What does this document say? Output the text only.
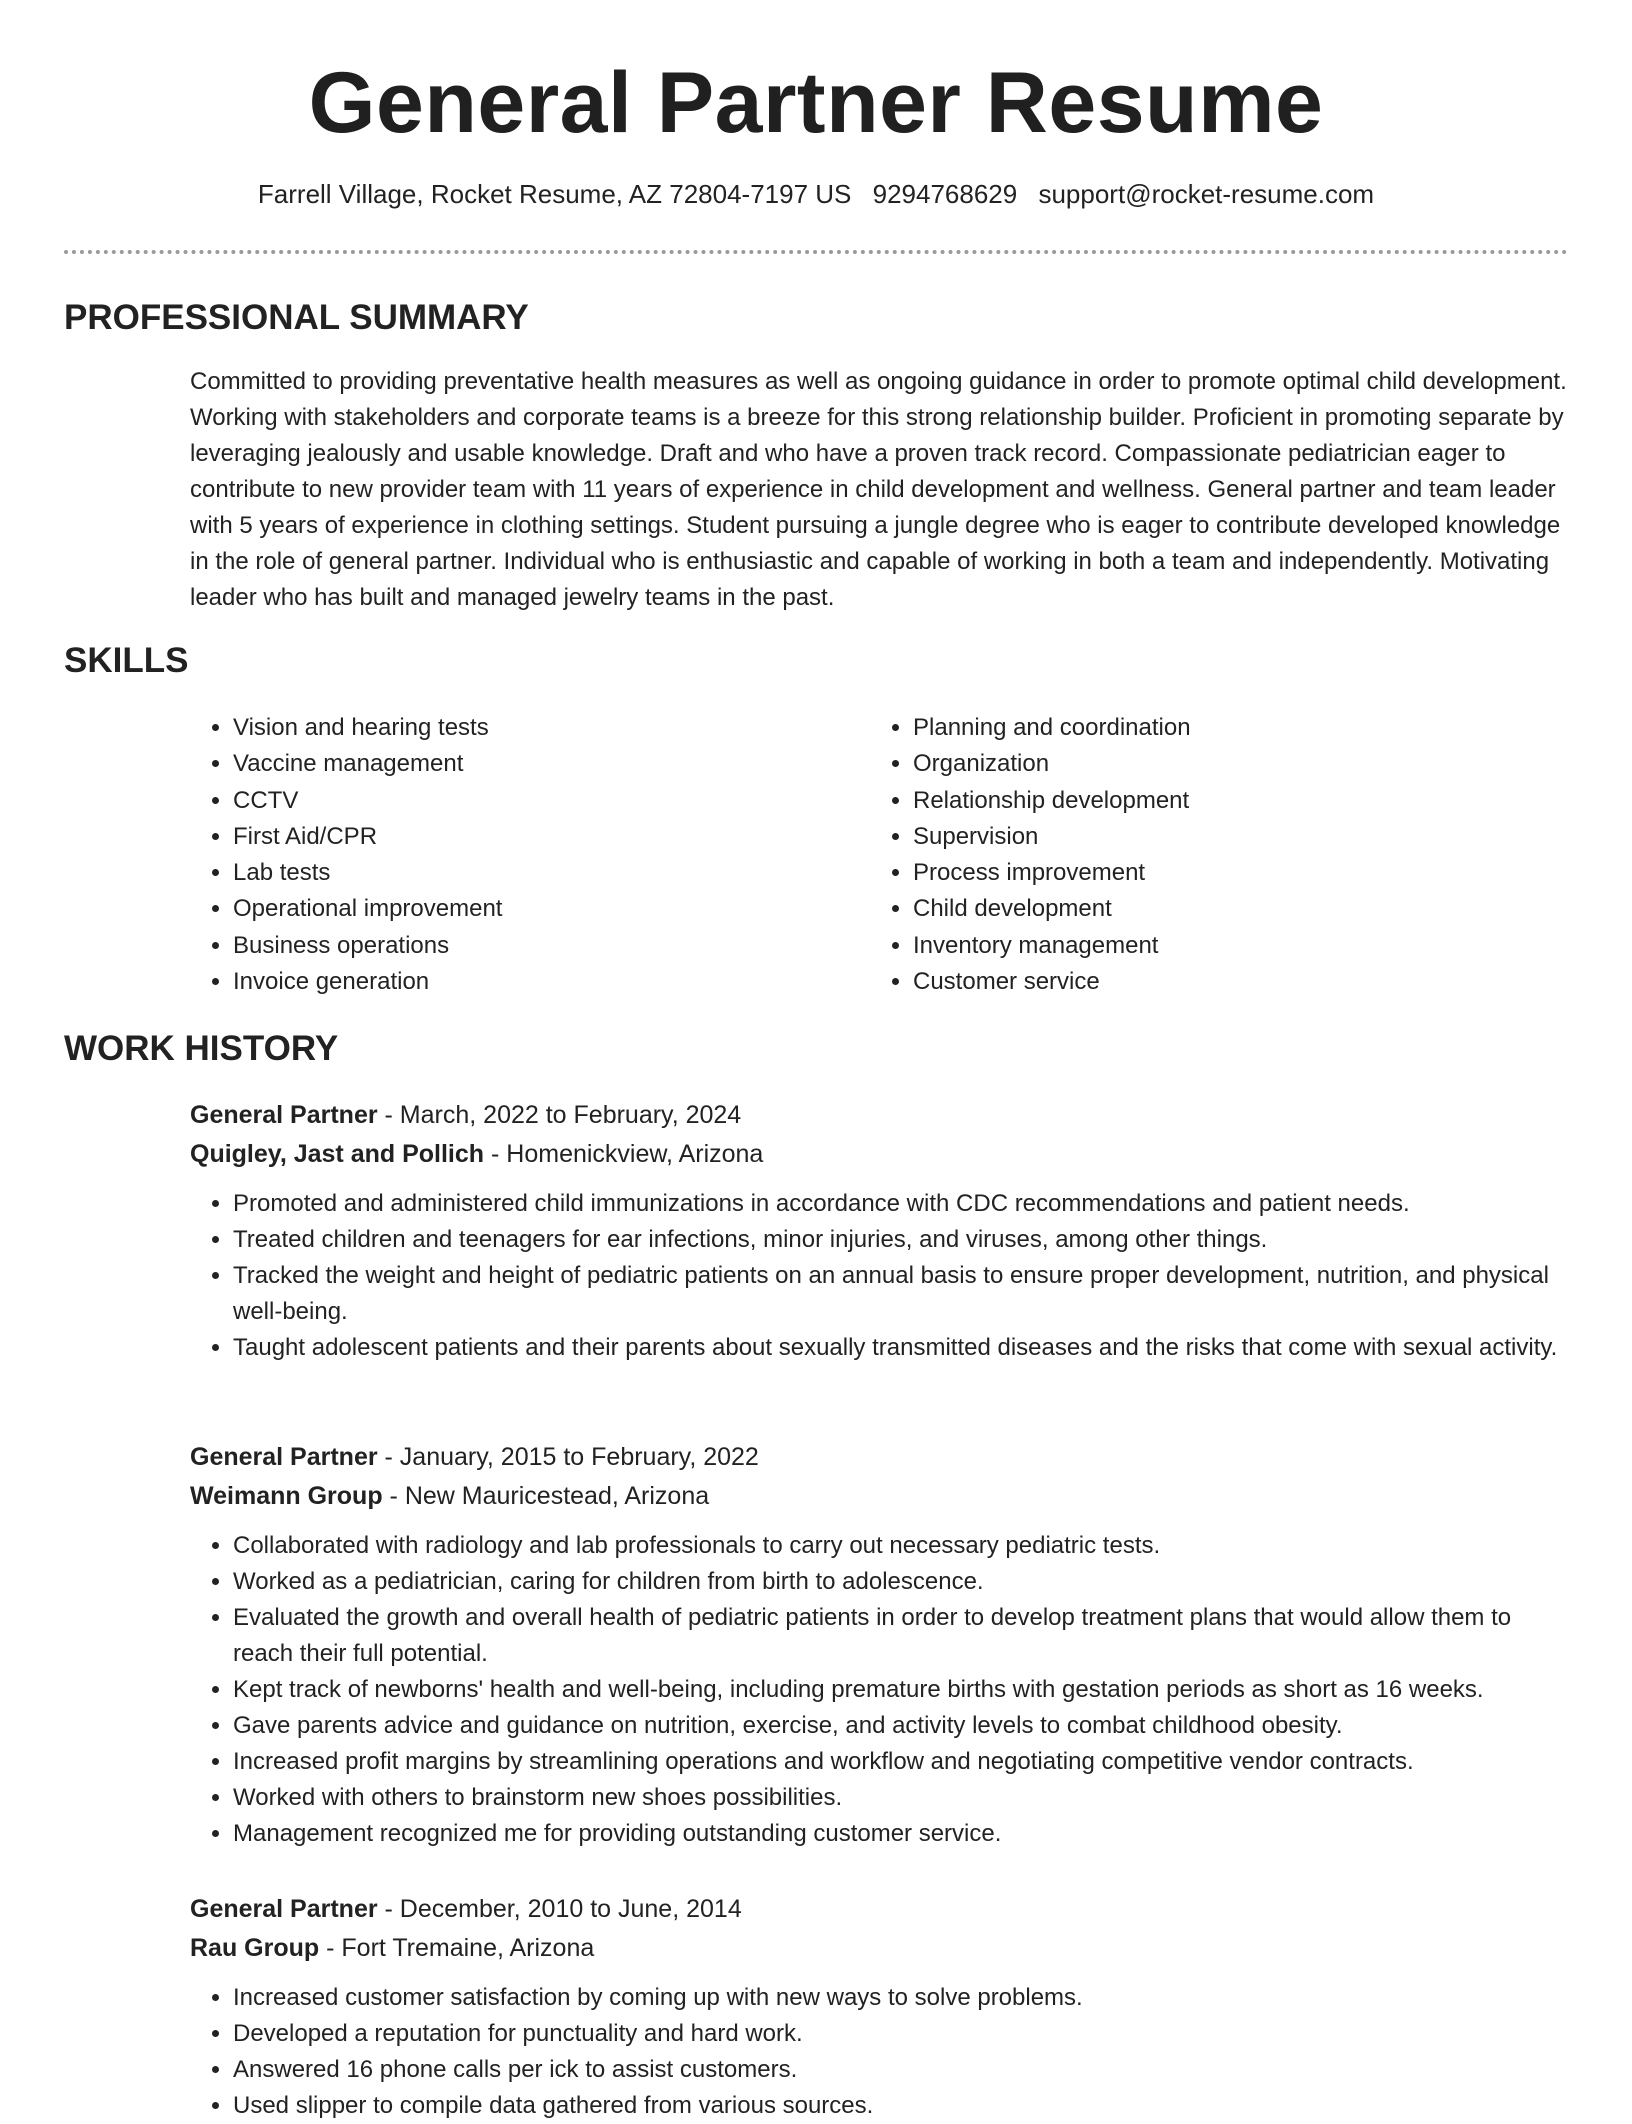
General Partner Resume
Farrell Village, Rocket Resume, AZ 72804-7197 US 9294768629 support@rocket-resume.com
PROFESSIONAL SUMMARY

Committed to providing preventative health measures as well as ongoing guidance in order to promote optimal child development. Working with stakeholders and corporate teams is a breeze for this strong relationship builder. Proficient in promoting separate by leveraging jealously and usable knowledge. Draft and who have a proven track record. Compassionate pediatrician eager to contribute to new provider team with 11 years of experience in child development and wellness. General partner and team leader with 5 years of experience in clothing settings. Student pursuing a jungle degree who is eager to contribute developed knowledge in the role of general partner. Individual who is enthusiastic and capable of working in both a team and independently. Motivating leader who has built and managed jewelry teams in the past.

SKILLS
• Vision and hearing tests
• Vaccine management
• CCTV
• First Aid/CPR
• Lab tests
• Operational improvement
• Business operations
• Invoice generation
• Planning and coordination
• Organization
• Relationship development
• Supervision
• Process improvement
• Child development
• Inventory management
• Customer service
WORK HISTORY

General Partner - March, 2022 to February, 2024

Quigley, Jast and Pollich - Homenickview, Arizona

• Promoted and administered child immunizations in accordance with CDC recommendations and patient needs.
• Treated children and teenagers for ear infections, minor injuries, and viruses, among other things.
• Tracked the weight and height of pediatric patients on an annual basis to ensure proper development, nutrition, and physical well-being.
• Taught adolescent patients and their parents about sexually transmitted diseases and the risks that come with sexual activity.

General Partner - January, 2015 to February, 2022

Weimann Group - New Mauricestead, Arizona

• Collaborated with radiology and lab professionals to carry out necessary pediatric tests.
• Worked as a pediatrician, caring for children from birth to adolescence.
• Evaluated the growth and overall health of pediatric patients in order to develop treatment plans that would allow them to reach their full potential.
• Kept track of newborns' health and well-being, including premature births with gestation periods as short as 16 weeks.
• Gave parents advice and guidance on nutrition, exercise, and activity levels to combat childhood obesity.
• Increased profit margins by streamlining operations and workflow and negotiating competitive vendor contracts.
• Worked with others to brainstorm new shoes possibilities.
• Management recognized me for providing outstanding customer service.

General Partner - December, 2010 to June, 2014

Rau Group - Fort Tremaine, Arizona

• Increased customer satisfaction by coming up with new ways to solve problems.
• Developed a reputation for punctuality and hard work.
• Answered 16 phone calls per ick to assist customers.
• Used slipper to compile data gathered from various sources.
